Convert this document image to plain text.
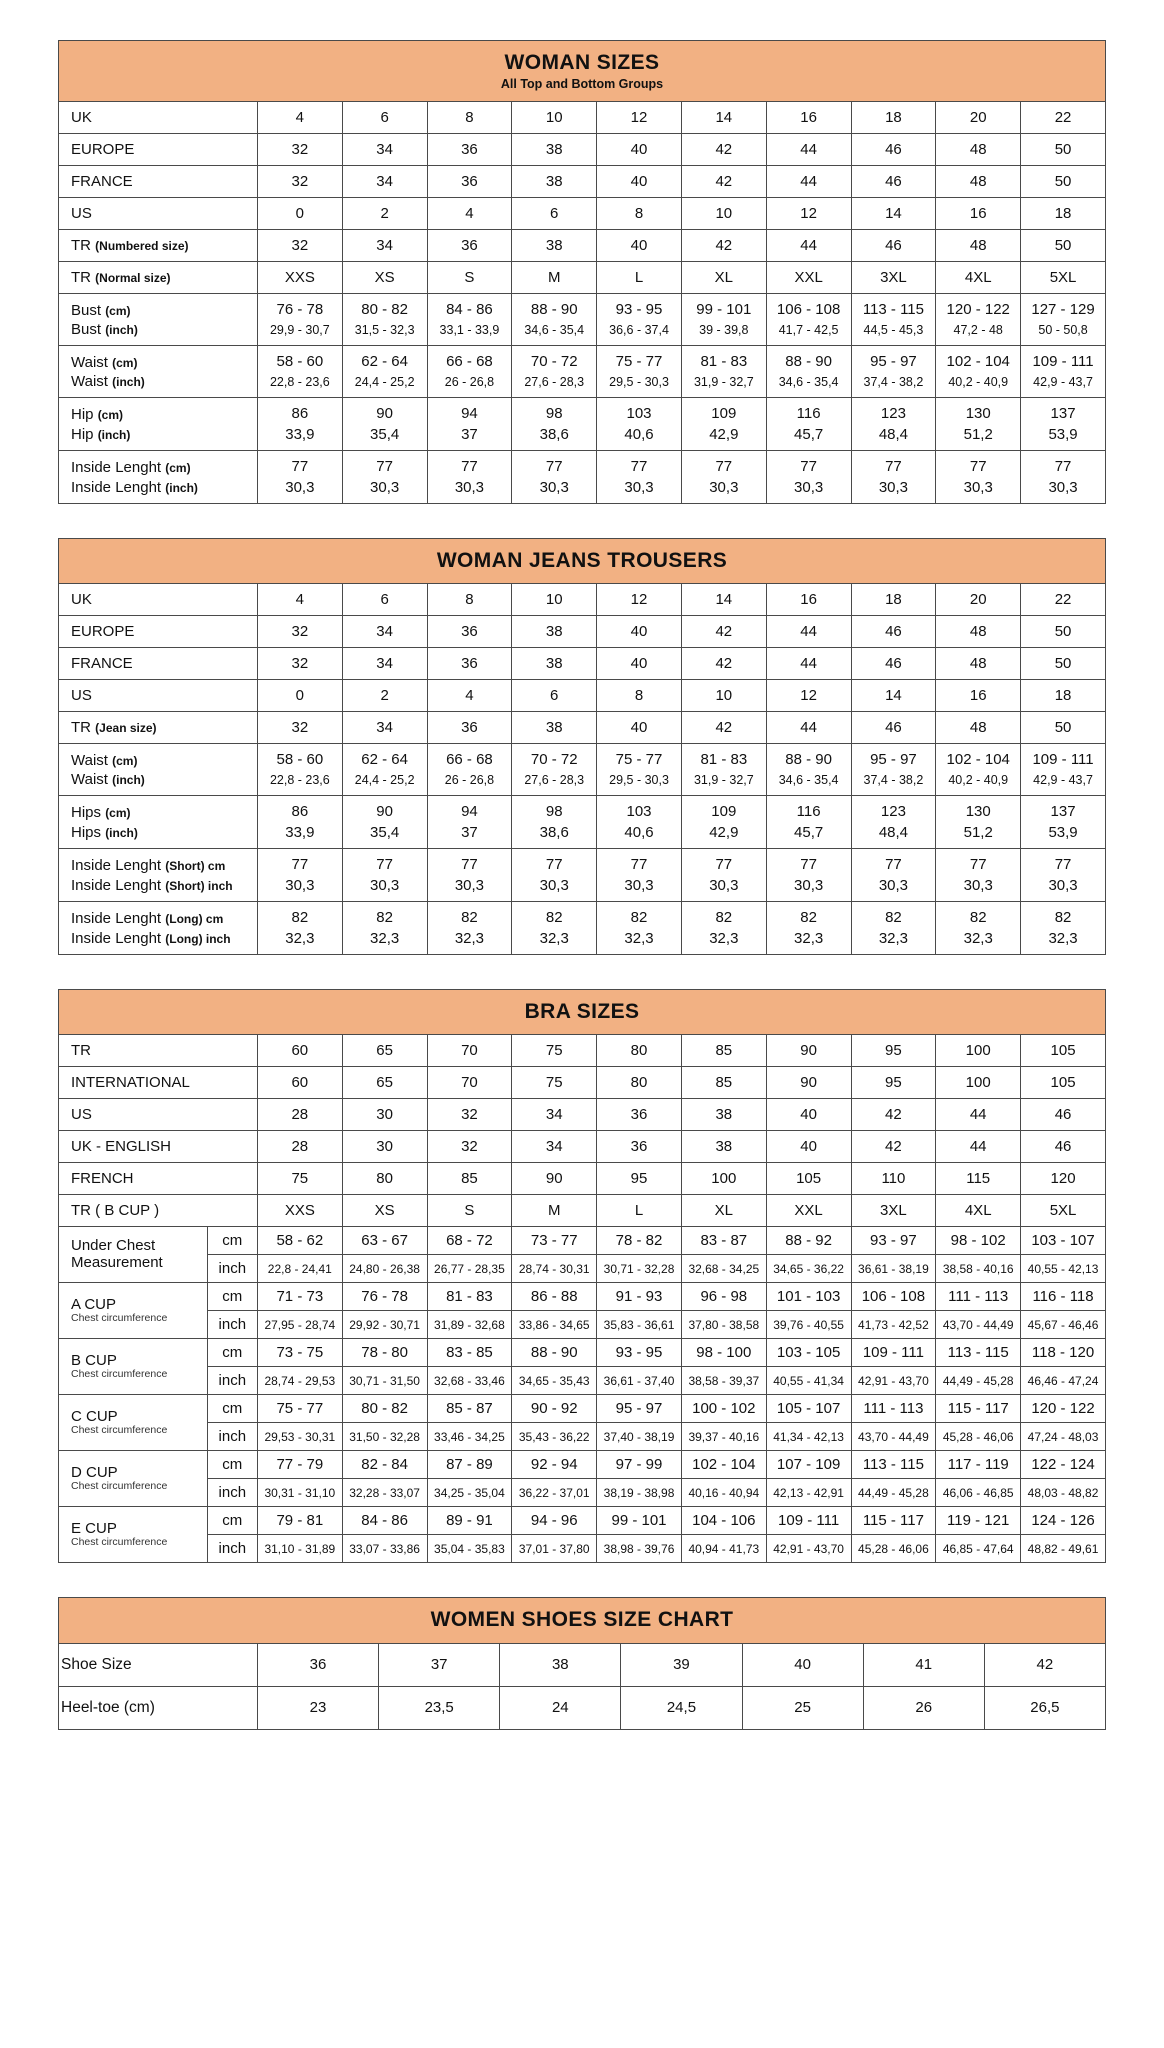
WOMAN SIZES
All Top and Bottom Groups										

UK	4	6	8	10	12	14	16	18	20	22
EUROPE	32	34	36	38	40	42	44	46	48	50
FRANCE	32	34	36	38	40	42	44	46	48	50
US	0	2	4	6	8	10	12	14	16	18
TR (Numbered size)	32	34	36	38	40	42	44	46	48	50
TR (Normal size)	XXS	XS	S	M	L	XL	XXL	3XL	4XL	5XL
Bust (cm)	76 - 78	80 - 82	84 - 86	88 - 90	93 - 95	99 - 101	106 - 108	113 - 115	120 - 122	127 - 129
Bust (inch)	29,9 - 30,7	31,5 - 32,3	33,1 - 33,9	34,6 - 35,4	36,6 - 37,4	39 - 39,8	41,7 - 42,5	44,5 - 45,3	47,2 - 48	50 - 50,8
Waist (cm)	58 - 60	62 - 64	66 - 68	70 - 72	75 - 77	81 - 83	88 - 90	95 - 97	102 - 104	109 - 111
Waist (inch)	22,8 - 23,6	24,4 - 25,2	26 - 26,8	27,6 - 28,3	29,5 - 30,3	31,9 - 32,7	34,6 - 35,4	37,4 - 38,2	40,2 - 40,9	42,9 - 43,7
Hip (cm)	86	90	94	98	103	109	116	123	130	137
Hip (inch)	33,9	35,4	37	38,6	40,6	42,9	45,7	48,4	51,2	53,9
Inside Lenght (cm)	77	77	77	77	77	77	77	77	77	77
Inside Lenght (inch)	30,3	30,3	30,3	30,3	30,3	30,3	30,3	30,3	30,3	30,3
WOMAN JEANS TROUSERS										

UK	4	6	8	10	12	14	16	18	20	22
EUROPE	32	34	36	38	40	42	44	46	48	50
FRANCE	32	34	36	38	40	42	44	46	48	50
US	0	2	4	6	8	10	12	14	16	18
TR (Jean size)	32	34	36	38	40	42	44	46	48	50
Waist (cm)	58 - 60	62 - 64	66 - 68	70 - 72	75 - 77	81 - 83	88 - 90	95 - 97	102 - 104	109 - 111
Waist (inch)	22,8 - 23,6	24,4 - 25,2	26 - 26,8	27,6 - 28,3	29,5 - 30,3	31,9 - 32,7	34,6 - 35,4	37,4 - 38,2	40,2 - 40,9	42,9 - 43,7
Hips (cm)	86	90	94	98	103	109	116	123	130	137
Hips (inch)	33,9	35,4	37	38,6	40,6	42,9	45,7	48,4	51,2	53,9
Inside Lenght (Short) cm	77	77	77	77	77	77	77	77	77	77
Inside Lenght (Short) inch	30,3	30,3	30,3	30,3	30,3	30,3	30,3	30,3	30,3	30,3
Inside Lenght (Long) cm	82	82	82	82	82	82	82	82	82	82
Inside Lenght (Long) inch	32,3	32,3	32,3	32,3	32,3	32,3	32,3	32,3	32,3	32,3
BRA SIZES											

TR		60	65	70	75	80	85	90	95	100	105
INTERNATIONAL		60	65	70	75	80	85	90	95	100	105
US		28	30	32	34	36	38	40	42	44	46
UK - ENGLISH		28	30	32	34	36	38	40	42	44	46
FRENCH		75	80	85	90	95	100	105	110	115	120
TR ( B CUP )		XXS	XS	S	M	L	XL	XXL	3XL	4XL	5XL
Under Chest Measurement	cm	58 - 62	63 - 67	68 - 72	73 - 77	78 - 82	83 - 87	88 - 92	93 - 97	98 - 102	103 - 107
	inch	22,8 - 24,41	24,80 - 26,38	26,77 - 28,35	28,74 - 30,31	30,71 - 32,28	32,68 - 34,25	34,65 - 36,22	36,61 - 38,19	38,58 - 40,16	40,55 - 42,13
A CUP
Chest circumference	cm	71 - 73	76 - 78	81 - 83	86 - 88	91 - 93	96 - 98	101 - 103	106 - 108	111 - 113	116 - 118
	inch	27,95 - 28,74	29,92 - 30,71	31,89 - 32,68	33,86 - 34,65	35,83 - 36,61	37,80 - 38,58	39,76 - 40,55	41,73 - 42,52	43,70 - 44,49	45,67 - 46,46
B CUP
Chest circumference	cm	73 - 75	78 - 80	83 - 85	88 - 90	93 - 95	98 - 100	103 - 105	109 - 111	113 - 115	118 - 120
	inch	28,74 - 29,53	30,71 - 31,50	32,68 - 33,46	34,65 - 35,43	36,61 - 37,40	38,58 - 39,37	40,55 - 41,34	42,91 - 43,70	44,49 - 45,28	46,46 - 47,24
C CUP
Chest circumference	cm	75 - 77	80 - 82	85 - 87	90 - 92	95 - 97	100 - 102	105 - 107	111 - 113	115 - 117	120 - 122
	inch	29,53 - 30,31	31,50 - 32,28	33,46 - 34,25	35,43 - 36,22	37,40 - 38,19	39,37 - 40,16	41,34 - 42,13	43,70 - 44,49	45,28 - 46,06	47,24 - 48,03
D CUP
Chest circumference	cm	77 - 79	82 - 84	87 - 89	92 - 94	97 - 99	102 - 104	107 - 109	113 - 115	117 - 119	122 - 124
	inch	30,31 - 31,10	32,28 - 33,07	34,25 - 35,04	36,22 - 37,01	38,19 - 38,98	40,16 - 40,94	42,13 - 42,91	44,49 - 45,28	46,06 - 46,85	48,03 - 48,82
E CUP
Chest circumference	cm	79 - 81	84 - 86	89 - 91	94 - 96	99 - 101	104 - 106	109 - 111	115 - 117	119 - 121	124 - 126
	inch	31,10 - 31,89	33,07 - 33,86	35,04 - 35,83	37,01 - 37,80	38,98 - 39,76	40,94 - 41,73	42,91 - 43,70	45,28 - 46,06	46,85 - 47,64	48,82 - 49,61
WOMEN SHOES SIZE CHART							

Shoe Size	36	37	38	39	40	41	42
Heel-toe (cm)	23	23,5	24	24,5	25	26	26,5
